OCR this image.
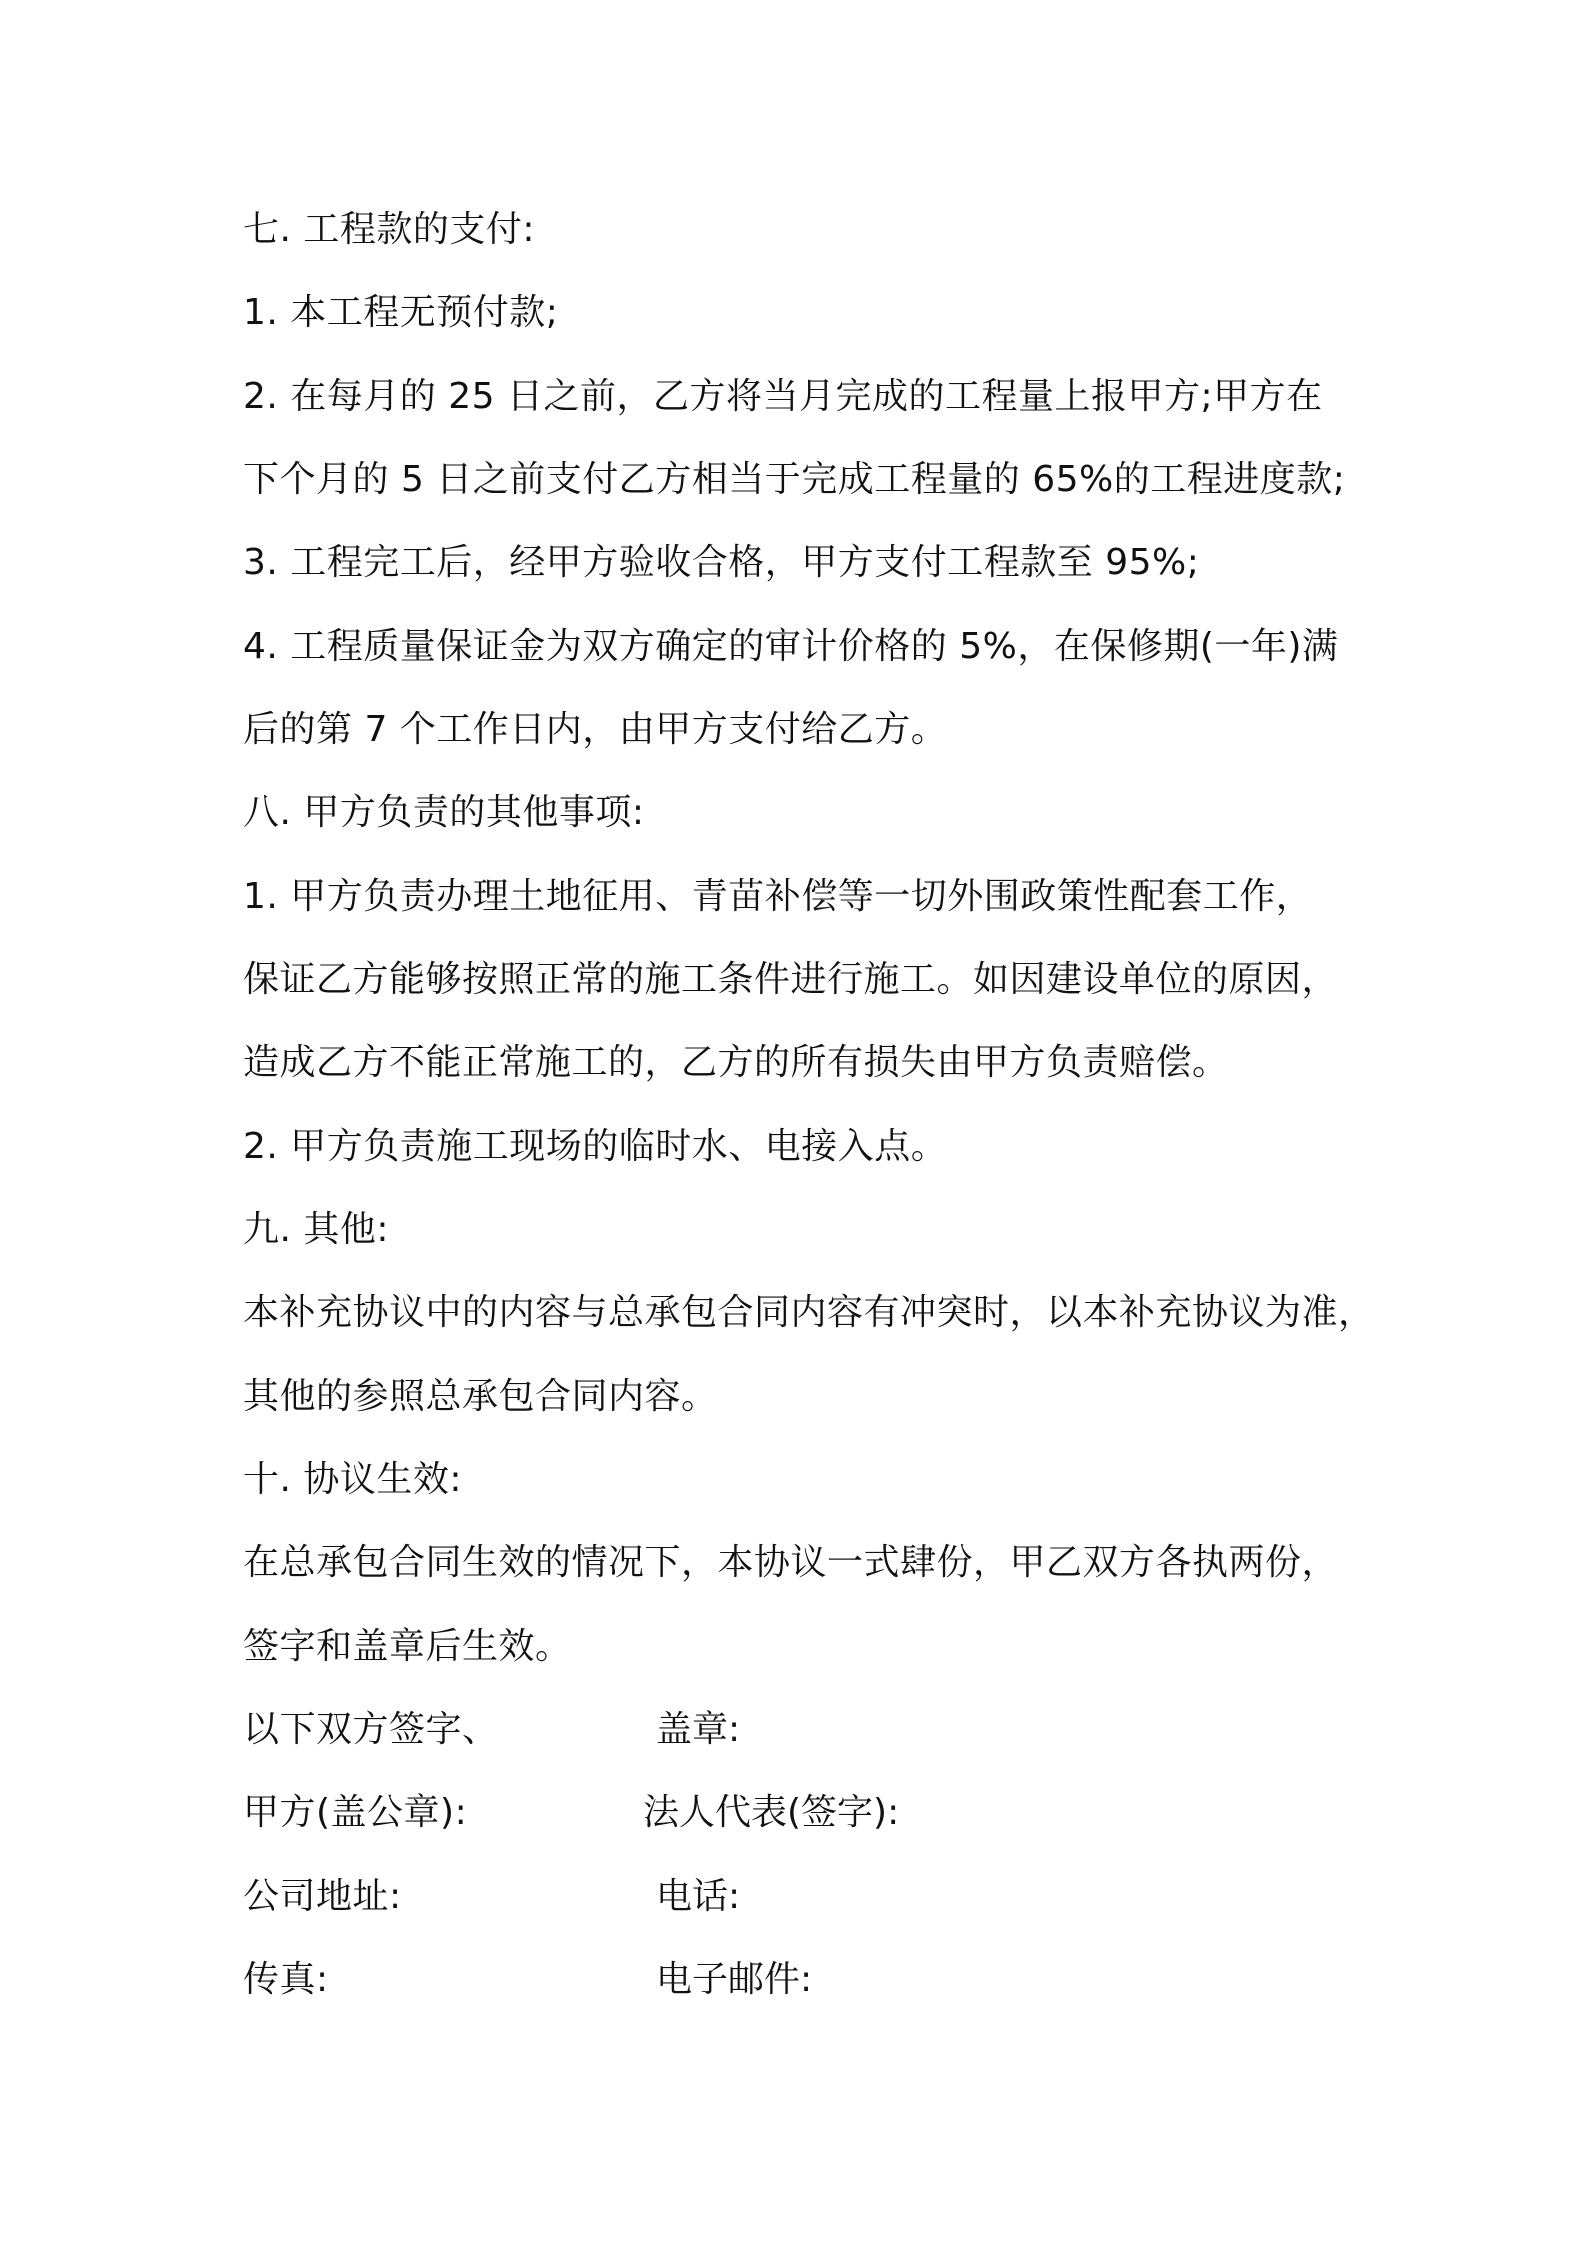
七. 工程款的支付:
1. 本工程无预付款;
2. 在每月的 25 日之前，乙方将当月完成的工程量上报甲方;甲方在
下个月的 5 日之前支付乙方相当于完成工程量的 65%的工程进度款;
3. 工程完工后，经甲方验收合格，甲方支付工程款至 95%;
4. 工程质量保证金为双方确定的审计价格的 5%，在保修期(一年)满
后的第 7 个工作日内，由甲方支付给乙方。
八. 甲方负责的其他事项:
1. 甲方负责办理土地征用、青苗补偿等一切外围政策性配套工作，
保证乙方能够按照正常的施工条件进行施工。如因建设单位的原因，
造成乙方不能正常施工的，乙方的所有损失由甲方负责赔偿。
2. 甲方负责施工现场的临时水、电接入点。
九. 其他:
本补充协议中的内容与总承包合同内容有冲突时，以本补充协议为准，
其他的参照总承包合同内容。
十. 协议生效:
在总承包合同生效的情况下，本协议一式肆份，甲乙双方各执两份，
签字和盖章后生效。
以下双方签字、	盖章:
甲方(盖公章):	法人代表(签字):
公司地址:	电话:
传真:	电子邮件:
